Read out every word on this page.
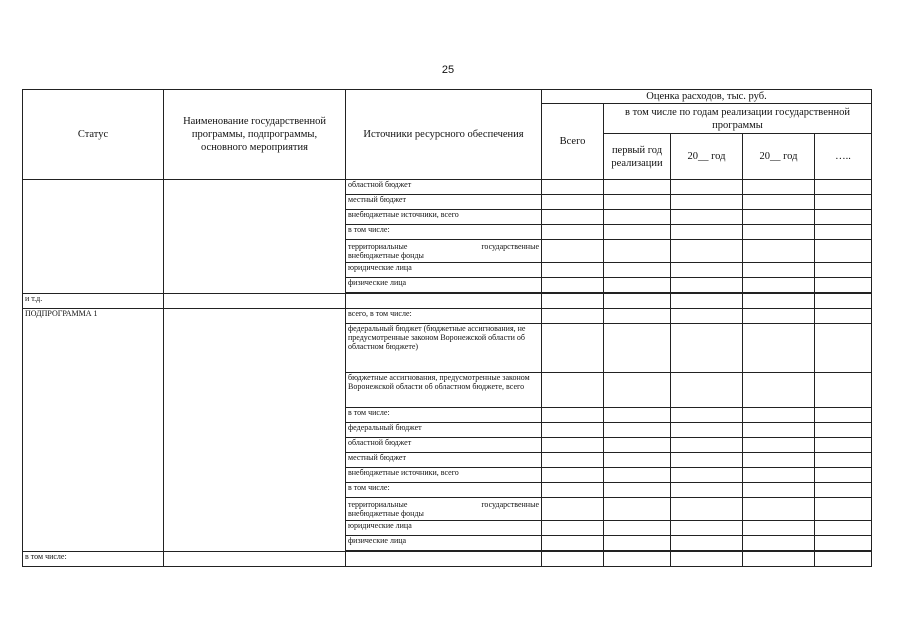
25
Статус	Наименование государственной программы, подпрограммы, основного мероприятия	Источники ресурсного обеспечения	Оценка расходов, тыс. руб.				
			Всего	в том числе по годам реализации государственной программы			
				первый год реализации	20__ год	20__ год	…..
		областной бюджет					
		местный бюджет					
		внебюджетные источники, всего					
		в том числе:					

		территориальные государственные
внебюджетные фонды					

		юридические лица					
		физические лица					

и т.д.							
ПОДПРОГРАММА 1		всего, в том числе:					
		федеральный бюджет (бюджетные ассигнования, не предусмотренные законом Воронежской области об областном бюджете)					
		бюджетные ассигнования, предусмотренные законом Воронежской области об областном бюджете, всего					
		в том числе:					
		федеральный бюджет					
		областной бюджет					
		местный бюджет					
		внебюджетные источники, всего					
		в том числе:					

		территориальные государственные
внебюджетные фонды					

		юридические лица					
		физические лица					

в том числе:							
